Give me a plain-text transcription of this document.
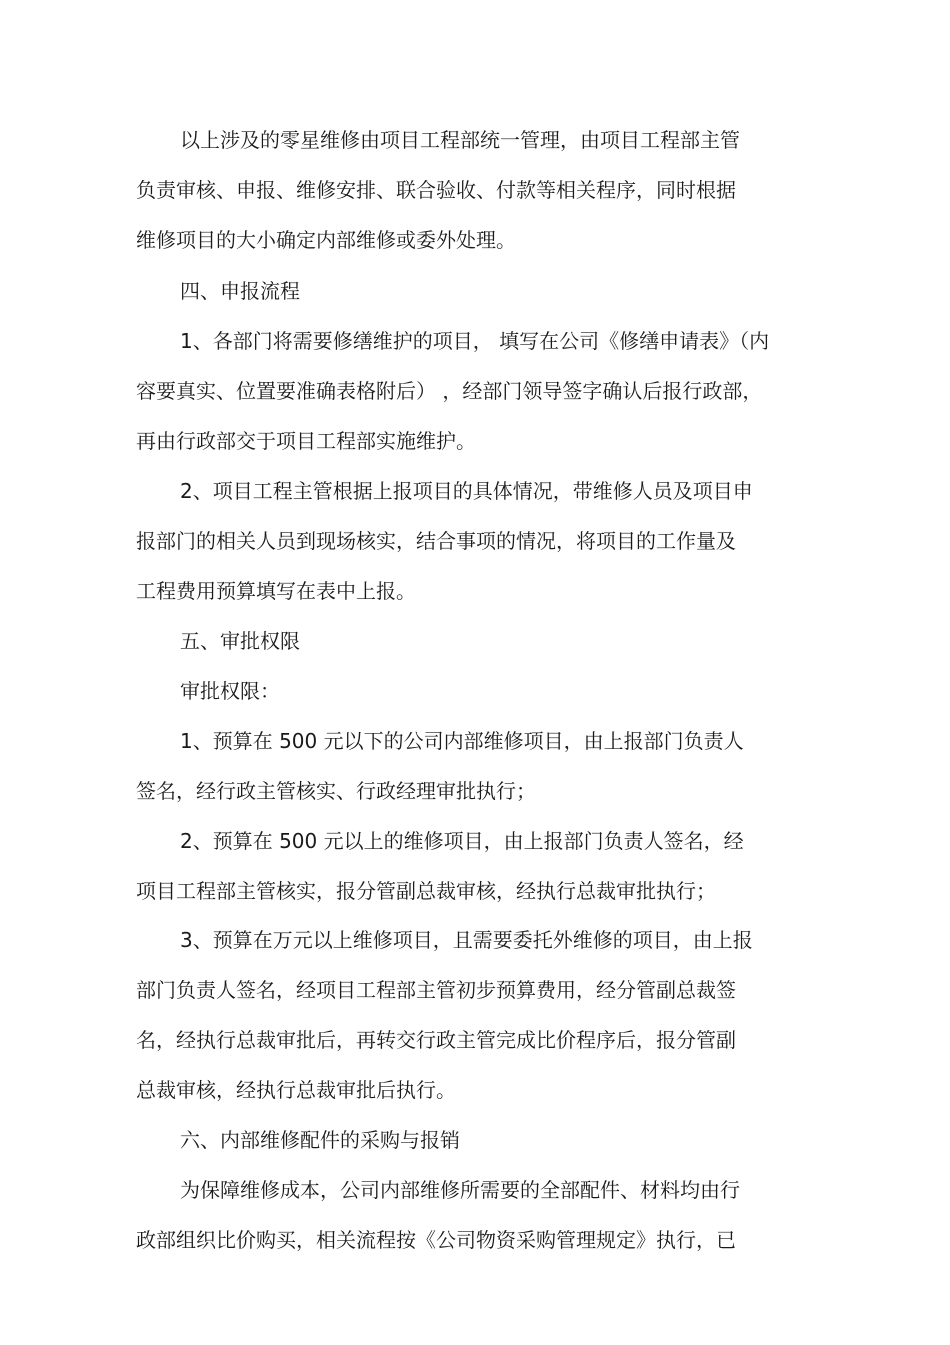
以上涉及的零星维修由项目工程部统一管理，由项目工程部主管
负责审核、申报、维修安排、联合验收、付款等相关程序，同时根据
维修项目的大小确定内部维修或委外处理。
四、申报流程
1、各部门将需要修缮维护的项目， 填写在公司《修缮申请表》（内
容要真实、位置要准确表格附后） ，经部门领导签字确认后报行政部，
再由行政部交于项目工程部实施维护。
2、项目工程主管根据上报项目的具体情况，带维修人员及项目申
报部门的相关人员到现场核实，结合事项的情况，将项目的工作量及
工程费用预算填写在表中上报。
五、审批权限
审批权限：
1、预算在 500 元以下的公司内部维修项目，由上报部门负责人
签名，经行政主管核实、行政经理审批执行；
2、预算在 500 元以上的维修项目，由上报部门负责人签名，经
项目工程部主管核实，报分管副总裁审核，经执行总裁审批执行；
3、预算在万元以上维修项目，且需要委托外维修的项目，由上报
部门负责人签名，经项目工程部主管初步预算费用，经分管副总裁签
名，经执行总裁审批后，再转交行政主管完成比价程序后，报分管副
总裁审核，经执行总裁审批后执行。
六、内部维修配件的采购与报销
为保障维修成本，公司内部维修所需要的全部配件、材料均由行
政部组织比价购买，相关流程按《公司物资采购管理规定》执行，已
